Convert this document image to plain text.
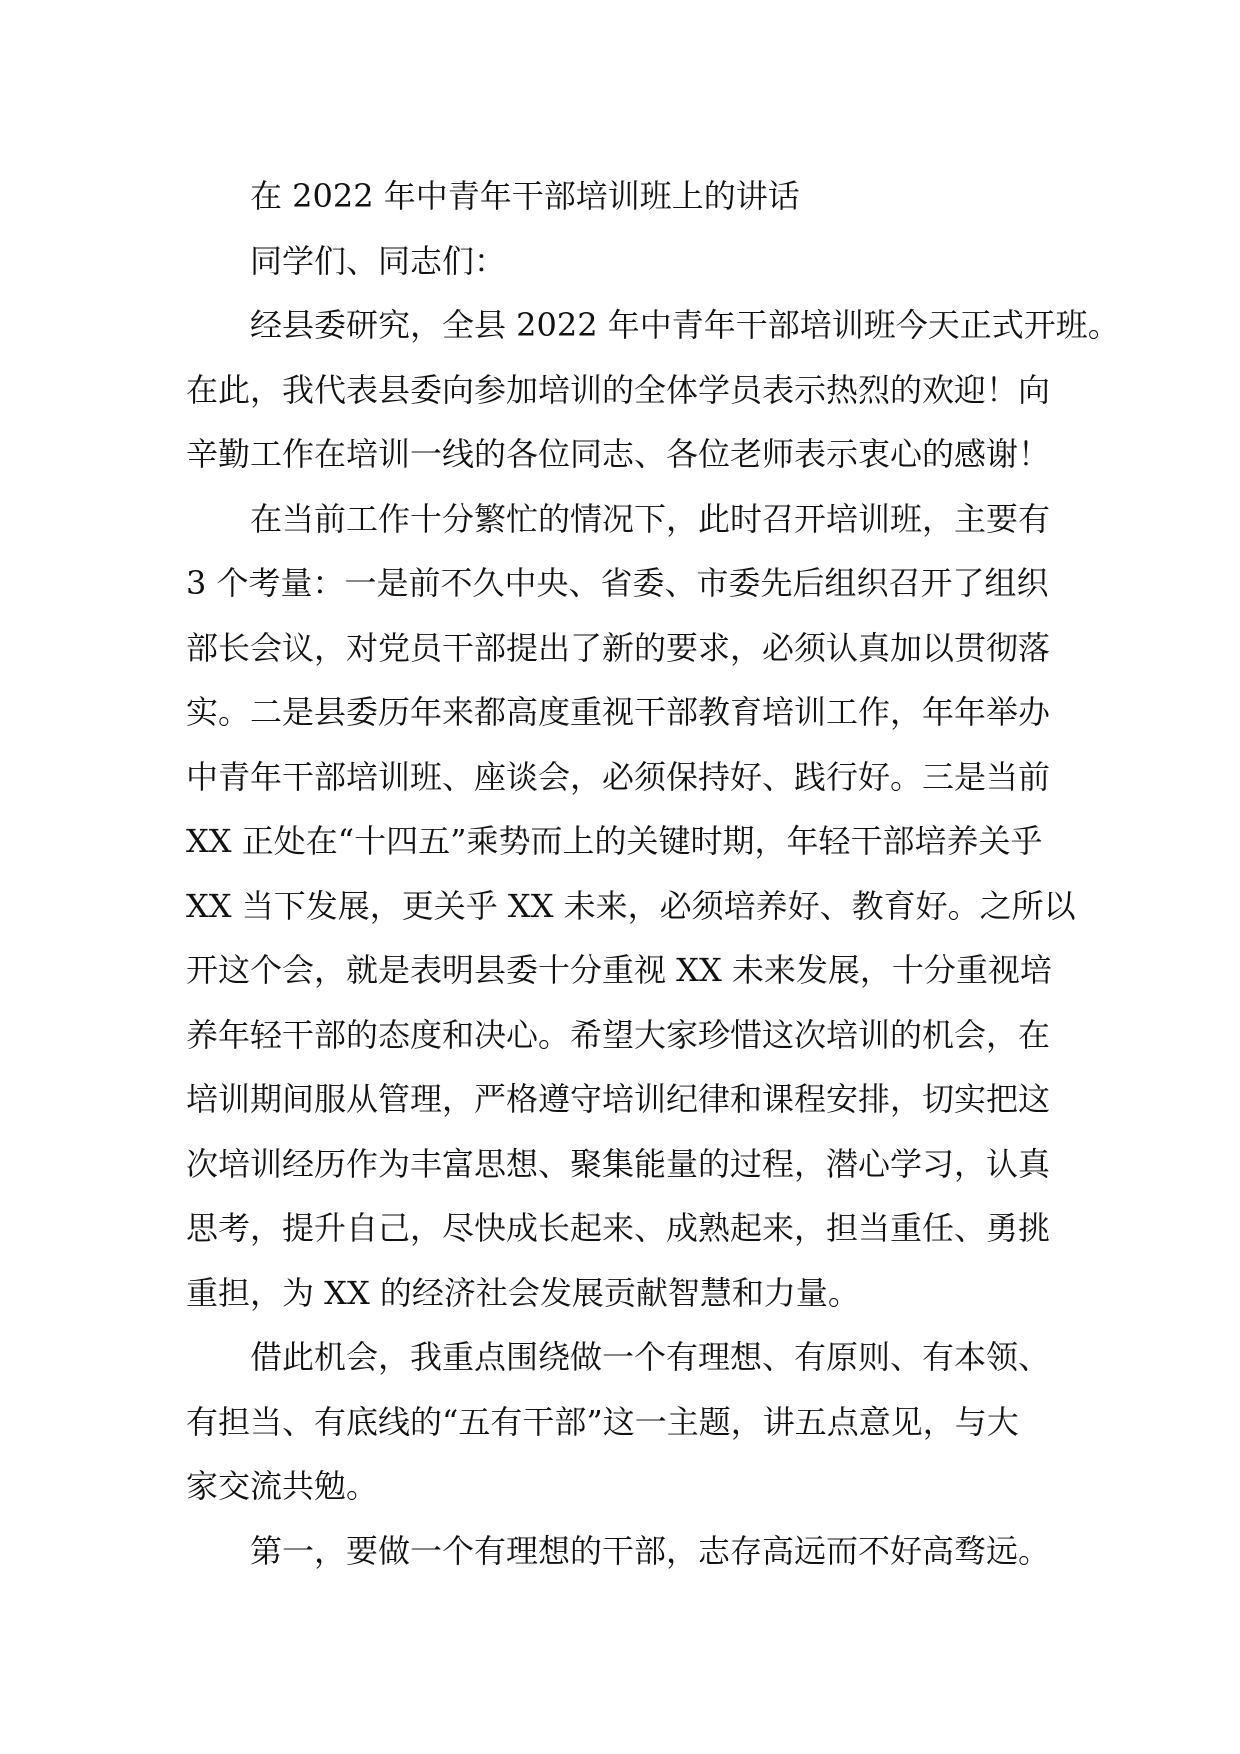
在 2022 年中青年干部培训班上的讲话
同学们、同志们：
经县委研究，全县 2022 年中青年干部培训班今天正式开班。
在此，我代表县委向参加培训的全体学员表示热烈的欢迎！向
辛勤工作在培训一线的各位同志、各位老师表示衷心的感谢！
在当前工作十分繁忙的情况下，此时召开培训班，主要有
3 个考量：一是前不久中央、省委、市委先后组织召开了组织
部长会议，对党员干部提出了新的要求，必须认真加以贯彻落
实。二是县委历年来都高度重视干部教育培训工作，年年举办
中青年干部培训班、座谈会，必须保持好、践行好。三是当前
XX 正处在“十四五”乘势而上的关键时期，年轻干部培养关乎
XX 当下发展，更关乎 XX 未来，必须培养好、教育好。之所以
开这个会，就是表明县委十分重视 XX 未来发展，十分重视培
养年轻干部的态度和决心。希望大家珍惜这次培训的机会，在
培训期间服从管理，严格遵守培训纪律和课程安排，切实把这
次培训经历作为丰富思想、聚集能量的过程，潜心学习，认真
思考，提升自己，尽快成长起来、成熟起来，担当重任、勇挑
重担，为 XX 的经济社会发展贡献智慧和力量。
借此机会，我重点围绕做一个有理想、有原则、有本领、
有担当、有底线的“五有干部”这一主题，讲五点意见，与大
家交流共勉。
第一，要做一个有理想的干部，志存高远而不好高骛远。
